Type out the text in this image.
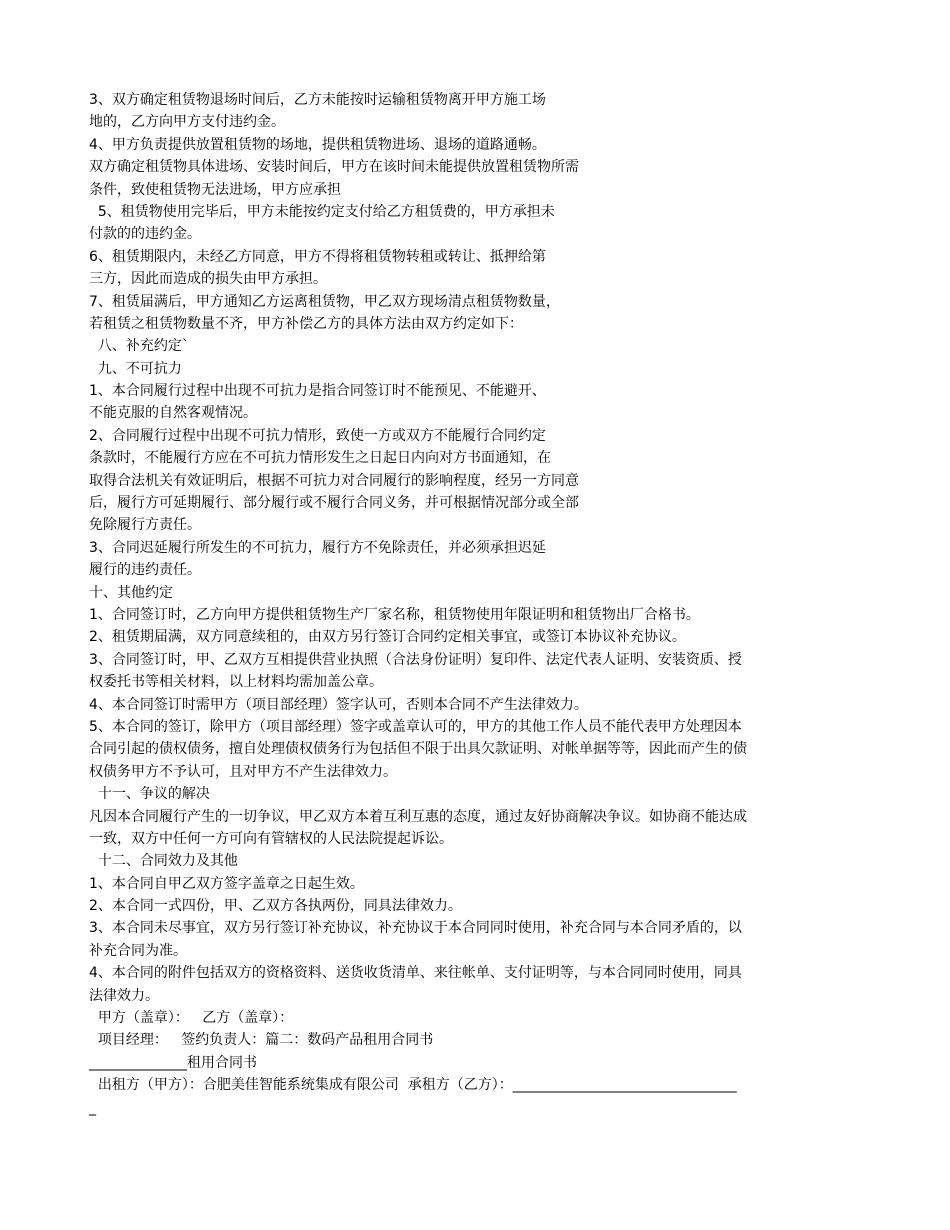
3、双方确定租赁物退场时间后，乙方未能按时运输租赁物离开甲方施工场
地的，乙方向甲方支付违约金。
4、甲方负责提供放置租赁物的场地，提供租赁物进场、退场的道路通畅。
双方确定租赁物具体进场、安装时间后，甲方在该时间未能提供放置租赁物所需
条件，致使租赁物无法进场，甲方应承担
5、租赁物使用完毕后，甲方未能按约定支付给乙方租赁费的，甲方承担未
付款的的违约金。
6、租赁期限内，未经乙方同意，甲方不得将租赁物转租或转让、抵押给第
三方，因此而造成的损失由甲方承担。
7、租赁届满后，甲方通知乙方运离租赁物，甲乙双方现场清点租赁物数量，
若租赁之租赁物数量不齐，甲方补偿乙方的具体方法由双方约定如下：
八、补充约定`
九、不可抗力
1、本合同履行过程中出现不可抗力是指合同签订时不能预见、不能避开、
不能克服的自然客观情况。
2、合同履行过程中出现不可抗力情形，致使一方或双方不能履行合同约定
条款时，不能履行方应在不可抗力情形发生之日起日内向对方书面通知，在
取得合法机关有效证明后，根据不可抗力对合同履行的影响程度，经另一方同意
后，履行方可延期履行、部分履行或不履行合同义务，并可根据情况部分或全部
免除履行方责任。
3、合同迟延履行所发生的不可抗力，履行方不免除责任，并必须承担迟延
履行的违约责任。
十、其他约定
1、合同签订时，乙方向甲方提供租赁物生产厂家名称，租赁物使用年限证明和租赁物出厂合格书。
2、租赁期届满，双方同意续租的，由双方另行签订合同约定相关事宜，或签订本协议补充协议。
3、合同签订时，甲、乙双方互相提供营业执照（合法身份证明）复印件、法定代表人证明、安装资质、授
权委托书等相关材料，以上材料均需加盖公章。
4、本合同签订时需甲方（项目部经理）签字认可，否则本合同不产生法律效力。
5、本合同的签订，除甲方（项目部经理）签字或盖章认可的，甲方的其他工作人员不能代表甲方处理因本
合同引起的债权债务，擅自处理债权债务行为包括但不限于出具欠款证明、对帐单据等等，因此而产生的债
权债务甲方不予认可，且对甲方不产生法律效力。
十一、争议的解决
凡因本合同履行产生的一切争议，甲乙双方本着互利互惠的态度，通过友好协商解决争议。如协商不能达成
一致，双方中任何一方可向有管辖权的人民法院提起诉讼。
十二、合同效力及其他
1、本合同自甲乙双方签字盖章之日起生效。
2、本合同一式四份，甲、乙双方各执两份，同具法律效力。
3、本合同未尽事宜，双方另行签订补充协议，补充协议于本合同同时使用，补充合同与本合同矛盾的，以
补充合同为准。
4、本合同的附件包括双方的资格资料、送货收货清单、来往帐单、支付证明等，与本合同同时使用，同具
法律效力。
甲方（盖章）：   乙方（盖章）：
项目经理：   签约负责人：篇二：数码产品租用合同书
______________租用合同书
出租方（甲方）：合肥美佳智能系统集成有限公司  承租方（乙方）：________________________________
_
